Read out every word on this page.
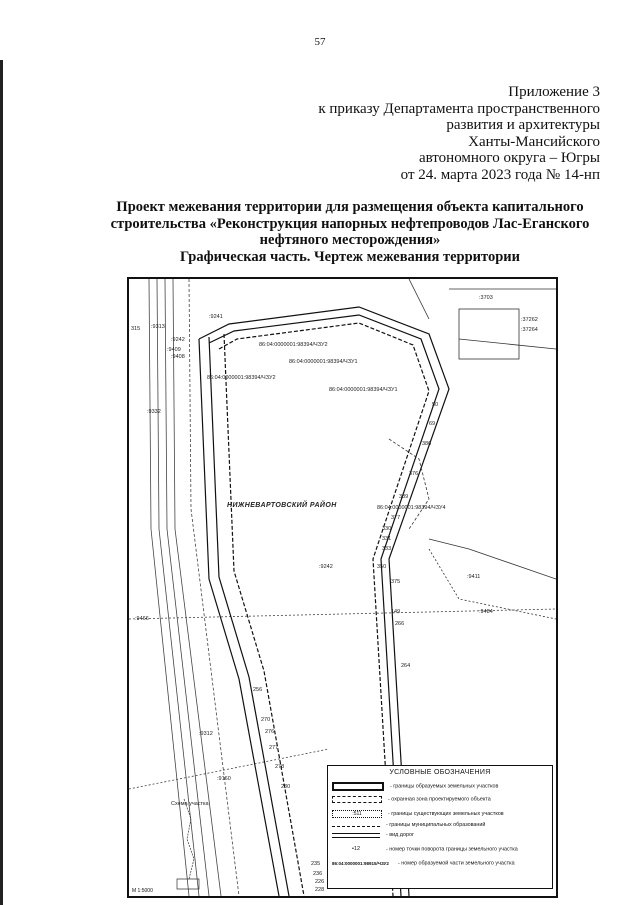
57
Приложение 3
к приказу Департамента пространственного
развития и архитектуры
Ханты-Мансийского
автономного округа – Югры
от 24. марта 2023 года № 14-нп
Проект межевания территории для размещения объекта капитального
строительства «Реконструкция напорных нефтепроводов Лас-Еганского
нефтяного месторождения»
Графическая часть. Чертеж межевания территории
НИЖНЕВАРТОВСКИЙ РАЙОН
86:04:0000001:98394/ЧЗУ2
86:04:0000001:98394/ЧЗУ2
86:04:0000001:98394/ЧЗУ1
86:04:0000001:98394/ЧЗУ1
86:04:0000001:98394/ЧЗУ4
:3703
:37262
:37264
:9313
:9241
:9242
:9409
:9408
:9332
:9242
:9411
:9484
:9466
:9312
:9160
315
50
69
386
376
389
377
330
331
333
350
375
149
266
264
256
270
276
277
278
280
235
236
226
228
Схема участка
M 1:5000
УСЛОВНЫЕ ОБОЗНАЧЕНИЯ
- границы образуемых земельных участков
- охранная зона проектируемого объекта
:511	- границы существующих земельных участков
- границы муниципальных образований
- вид дорог
•12	- номер точки поворота границы земельного участка
86:04:0000001:98915/ЧЗУ2 - номер образуемой части земельного участка
